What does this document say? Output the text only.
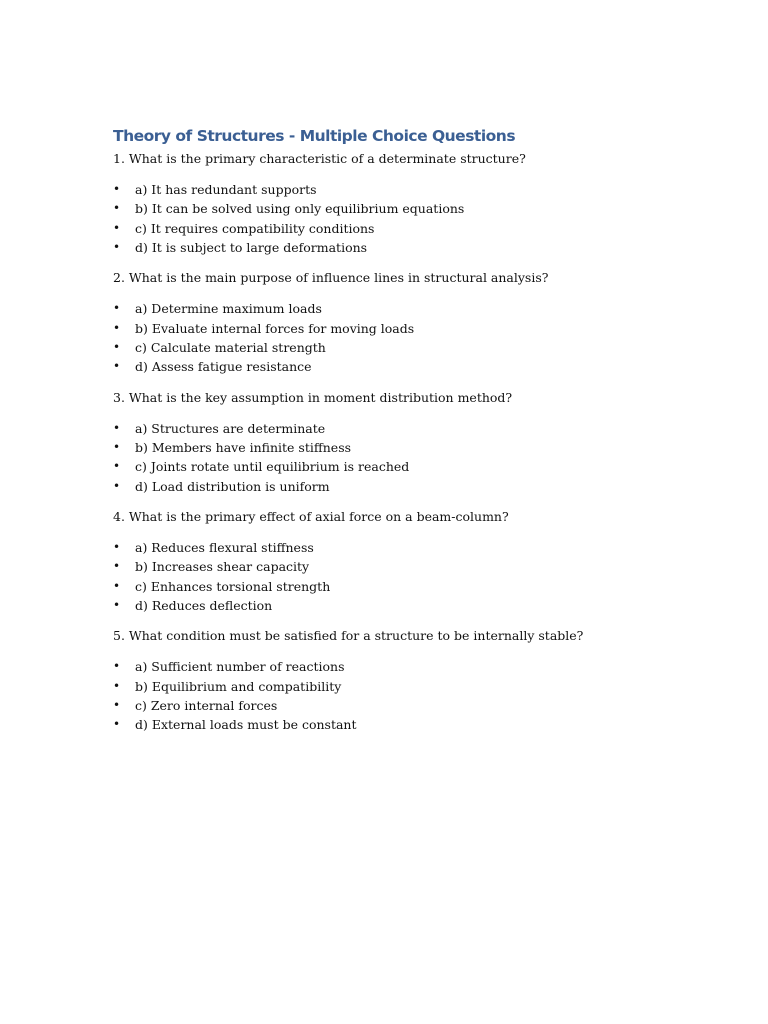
Theory of Structures - Multiple Choice Questions

1. What is the primary characteristic of a determinate structure?

• a) It has redundant supports
• b) It can be solved using only equilibrium equations
• c) It requires compatibility conditions
• d) It is subject to large deformations

2. What is the main purpose of influence lines in structural analysis?

• a) Determine maximum loads
• b) Evaluate internal forces for moving loads
• c) Calculate material strength
• d) Assess fatigue resistance

3. What is the key assumption in moment distribution method?

• a) Structures are determinate
• b) Members have infinite stiffness
• c) Joints rotate until equilibrium is reached
• d) Load distribution is uniform

4. What is the primary effect of axial force on a beam-column?

• a) Reduces flexural stiffness
• b) Increases shear capacity
• c) Enhances torsional strength
• d) Reduces deflection

5. What condition must be satisfied for a structure to be internally stable?

• a) Sufficient number of reactions
• b) Equilibrium and compatibility
• c) Zero internal forces
• d) External loads must be constant
